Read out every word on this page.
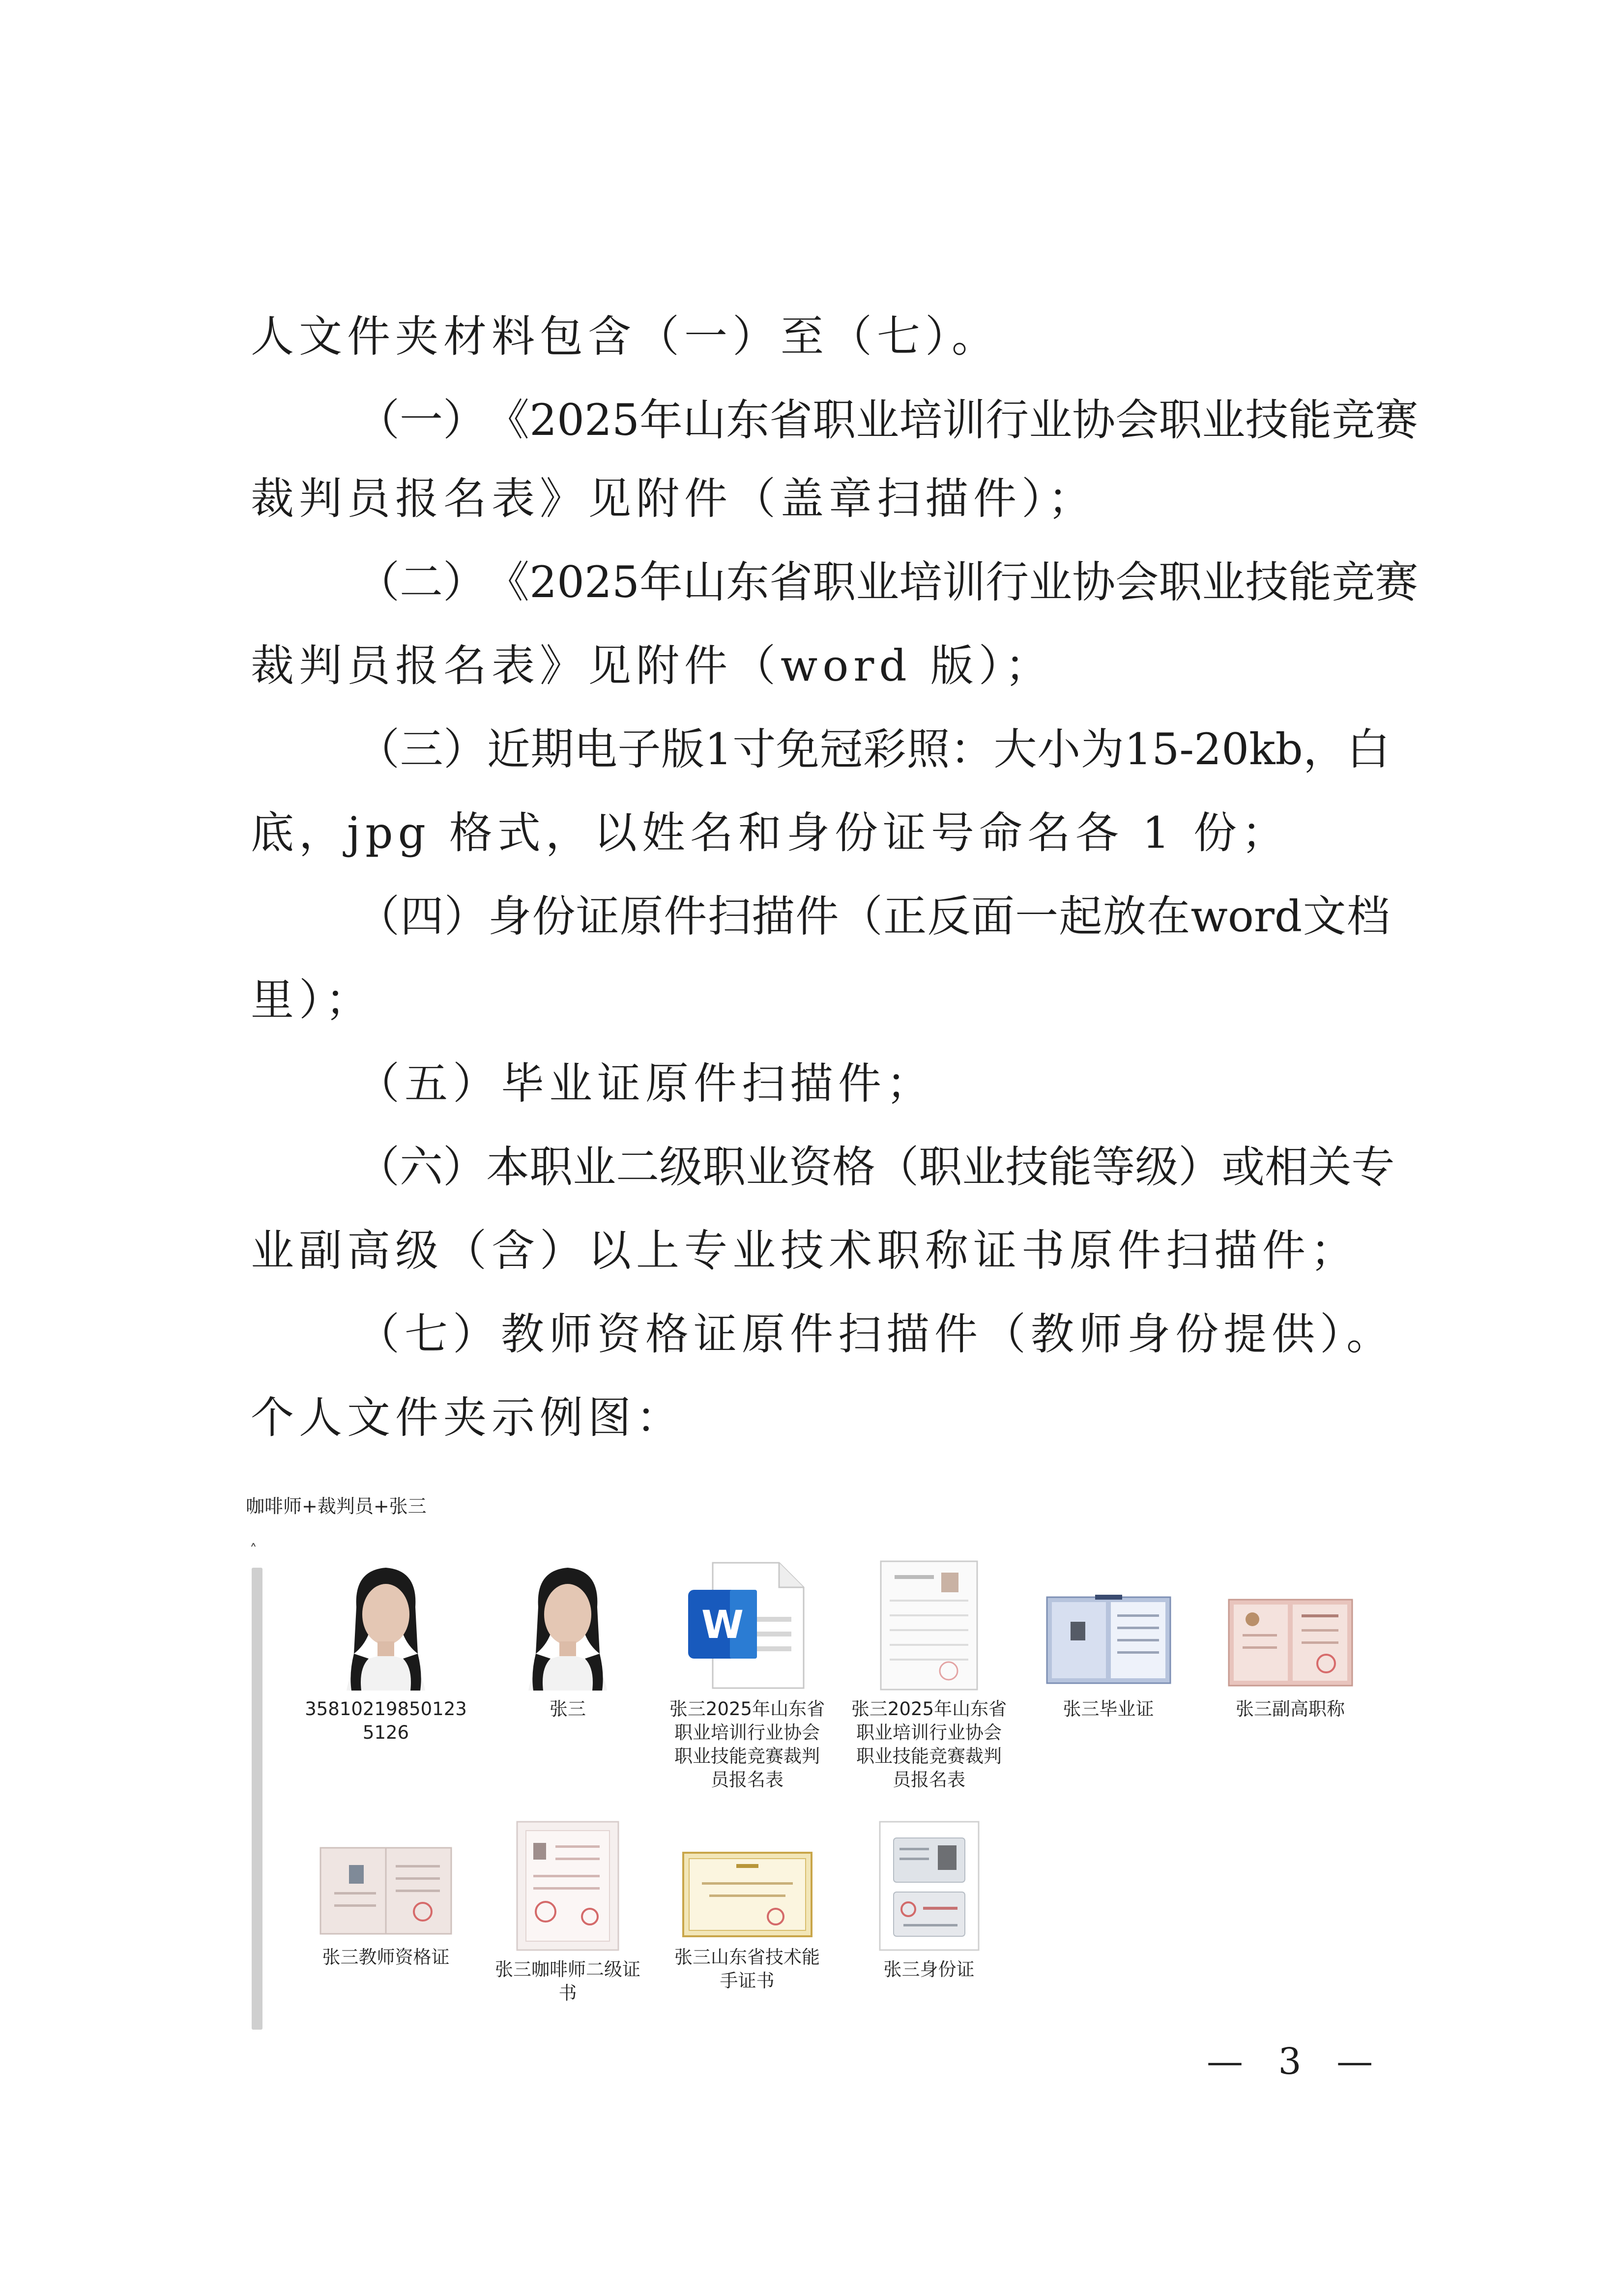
人文件夹材料包含（一）至（七）。
（ 一 ） 《 2025 年 山 东 省 职 业 培 训 行 业 协 会 职 业 技 能 竞 赛
裁判员报名表》见附件（盖章扫描件）；
（ 二 ） 《 2025 年 山 东 省 职 业 培 训 行 业 协 会 职 业 技 能 竞 赛
裁判员报名表》见附件（word 版）；
（ 三 ） 近 期 电 子 版 1 寸 免 冠 彩 照 ： 大 小 为 15-20kb ， 白
底，jpg 格式，以姓名和身份证号命名各 1 份；
（ 四 ） 身 份 证 原 件 扫 描 件 （ 正 反 面 一 起 放 在 word 文 档
里）；
（五）毕业证原件扫描件；
（ 六 ） 本 职 业 二 级 职 业 资 格 （ 职 业 技 能 等 级 ） 或 相 关 专
业副高级（含）以上专业技术职称证书原件扫描件；
（七）教师资格证原件扫描件（教师身份提供）。
个人文件夹示例图：
咖啡师+裁判员+张三
˄
358102198501235126
张三
W
张三2025年山东省职业培训行业协会职业技能竞赛裁判员报名表
张三2025年山东省职业培训行业协会职业技能竞赛裁判员报名表
张三毕业证	张三副高职称
张三教师资格证
张三咖啡师二级证书
张三山东省技术能手证书
张三身份证
— 3 —
